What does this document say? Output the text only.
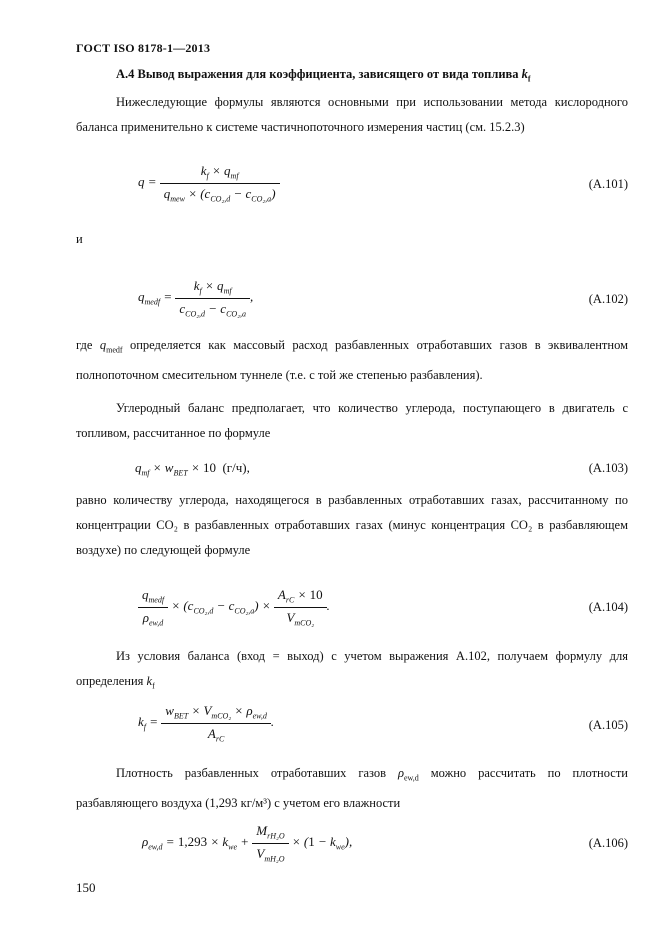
ГОСТ ISO 8178-1—2013
А.4 Вывод выражения для коэффициента, зависящего от вида топлива $k_f$
Нижеследующие формулы являются основными при использовании метода кислородного баланса применительно к системе частичнопоточного измерения частиц (см. 15.2.3)
$q = \frac{k_f \times q_{mf}}{q_{mew} \times (c_{CO_2,d} - c_{CO_2,a})}$	(А.101)
и
$q_{medf} = \frac{k_f \times q_{mf}}{c_{CO_2,d} - c_{CO_2,a}}$ ,	(А.102)
где $q_{medf}$ определяется как массовый расход разбавленных отработавших газов в эквивалентном полнопоточном смесительном туннеле (т.е. с той же степенью разбавления).
Углеродный баланс предполагает, что количество углерода, поступающего в двигатель с топливом, рассчитанное по формуле
$q_{mf} \times w_{BET} \times 10$ (г/ч),	(А.103)
равно количеству углерода, находящегося в разбавленных отработавших газах, рассчитанному по концентрации CO₂ в разбавленных отработавших газах (минус концентрация CO₂ в разбавляющем воздухе) по следующей формуле
$\frac{q_{medf}}{\rho_{ew,d}} \times (c_{CO_2,d} - c_{CO_2,a}) \times \frac{A_{rC} \times 10}{V_{mCO_2}}$ .	(А.104)
Из условия баланса (вход = выход) с учетом выражения А.102, получаем формулу для определения $k_f$
$k_f = \frac{w_{BET} \times V_{mCO_2} \times \rho_{ew,d}}{A_{rC}}$ .	(А.105)
Плотность разбавленных отработавших газов $\rho_{ew,d}$ можно рассчитать по плотности разбавляющего воздуха (1,293 кг/м³) с учетом его влажности
$\rho_{ew,d} = 1,293 \times k_{we} + \frac{M_{rH_2O}}{V_{mH_2O}} \times (1 - k_{we})$,	(А.106)
150
